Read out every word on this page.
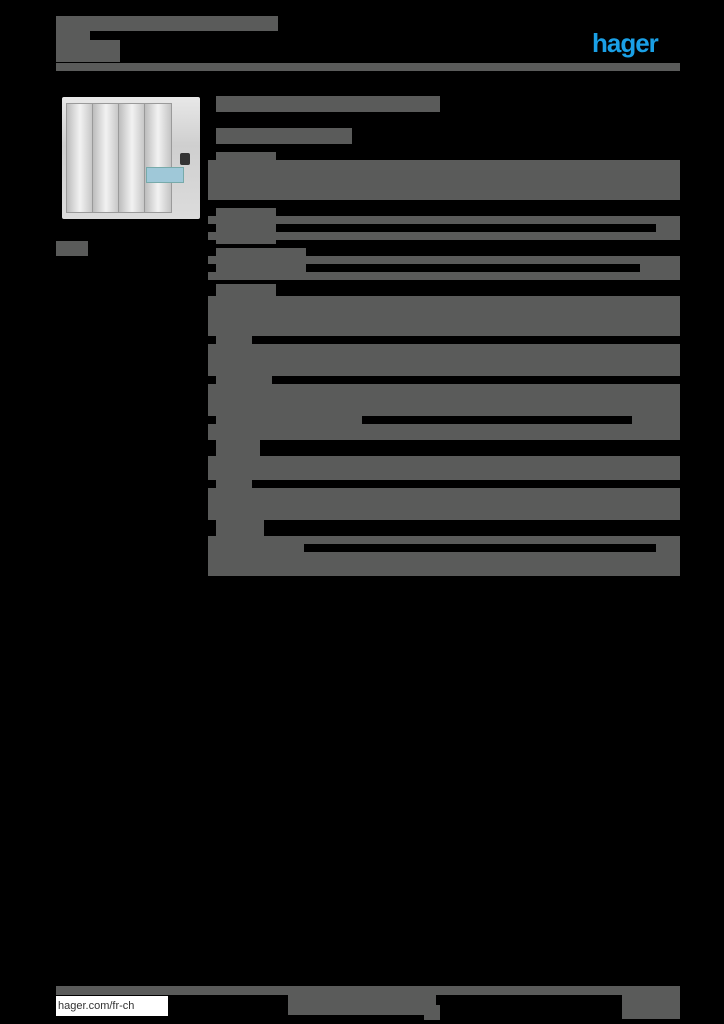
hager
hager.com/fr-ch
